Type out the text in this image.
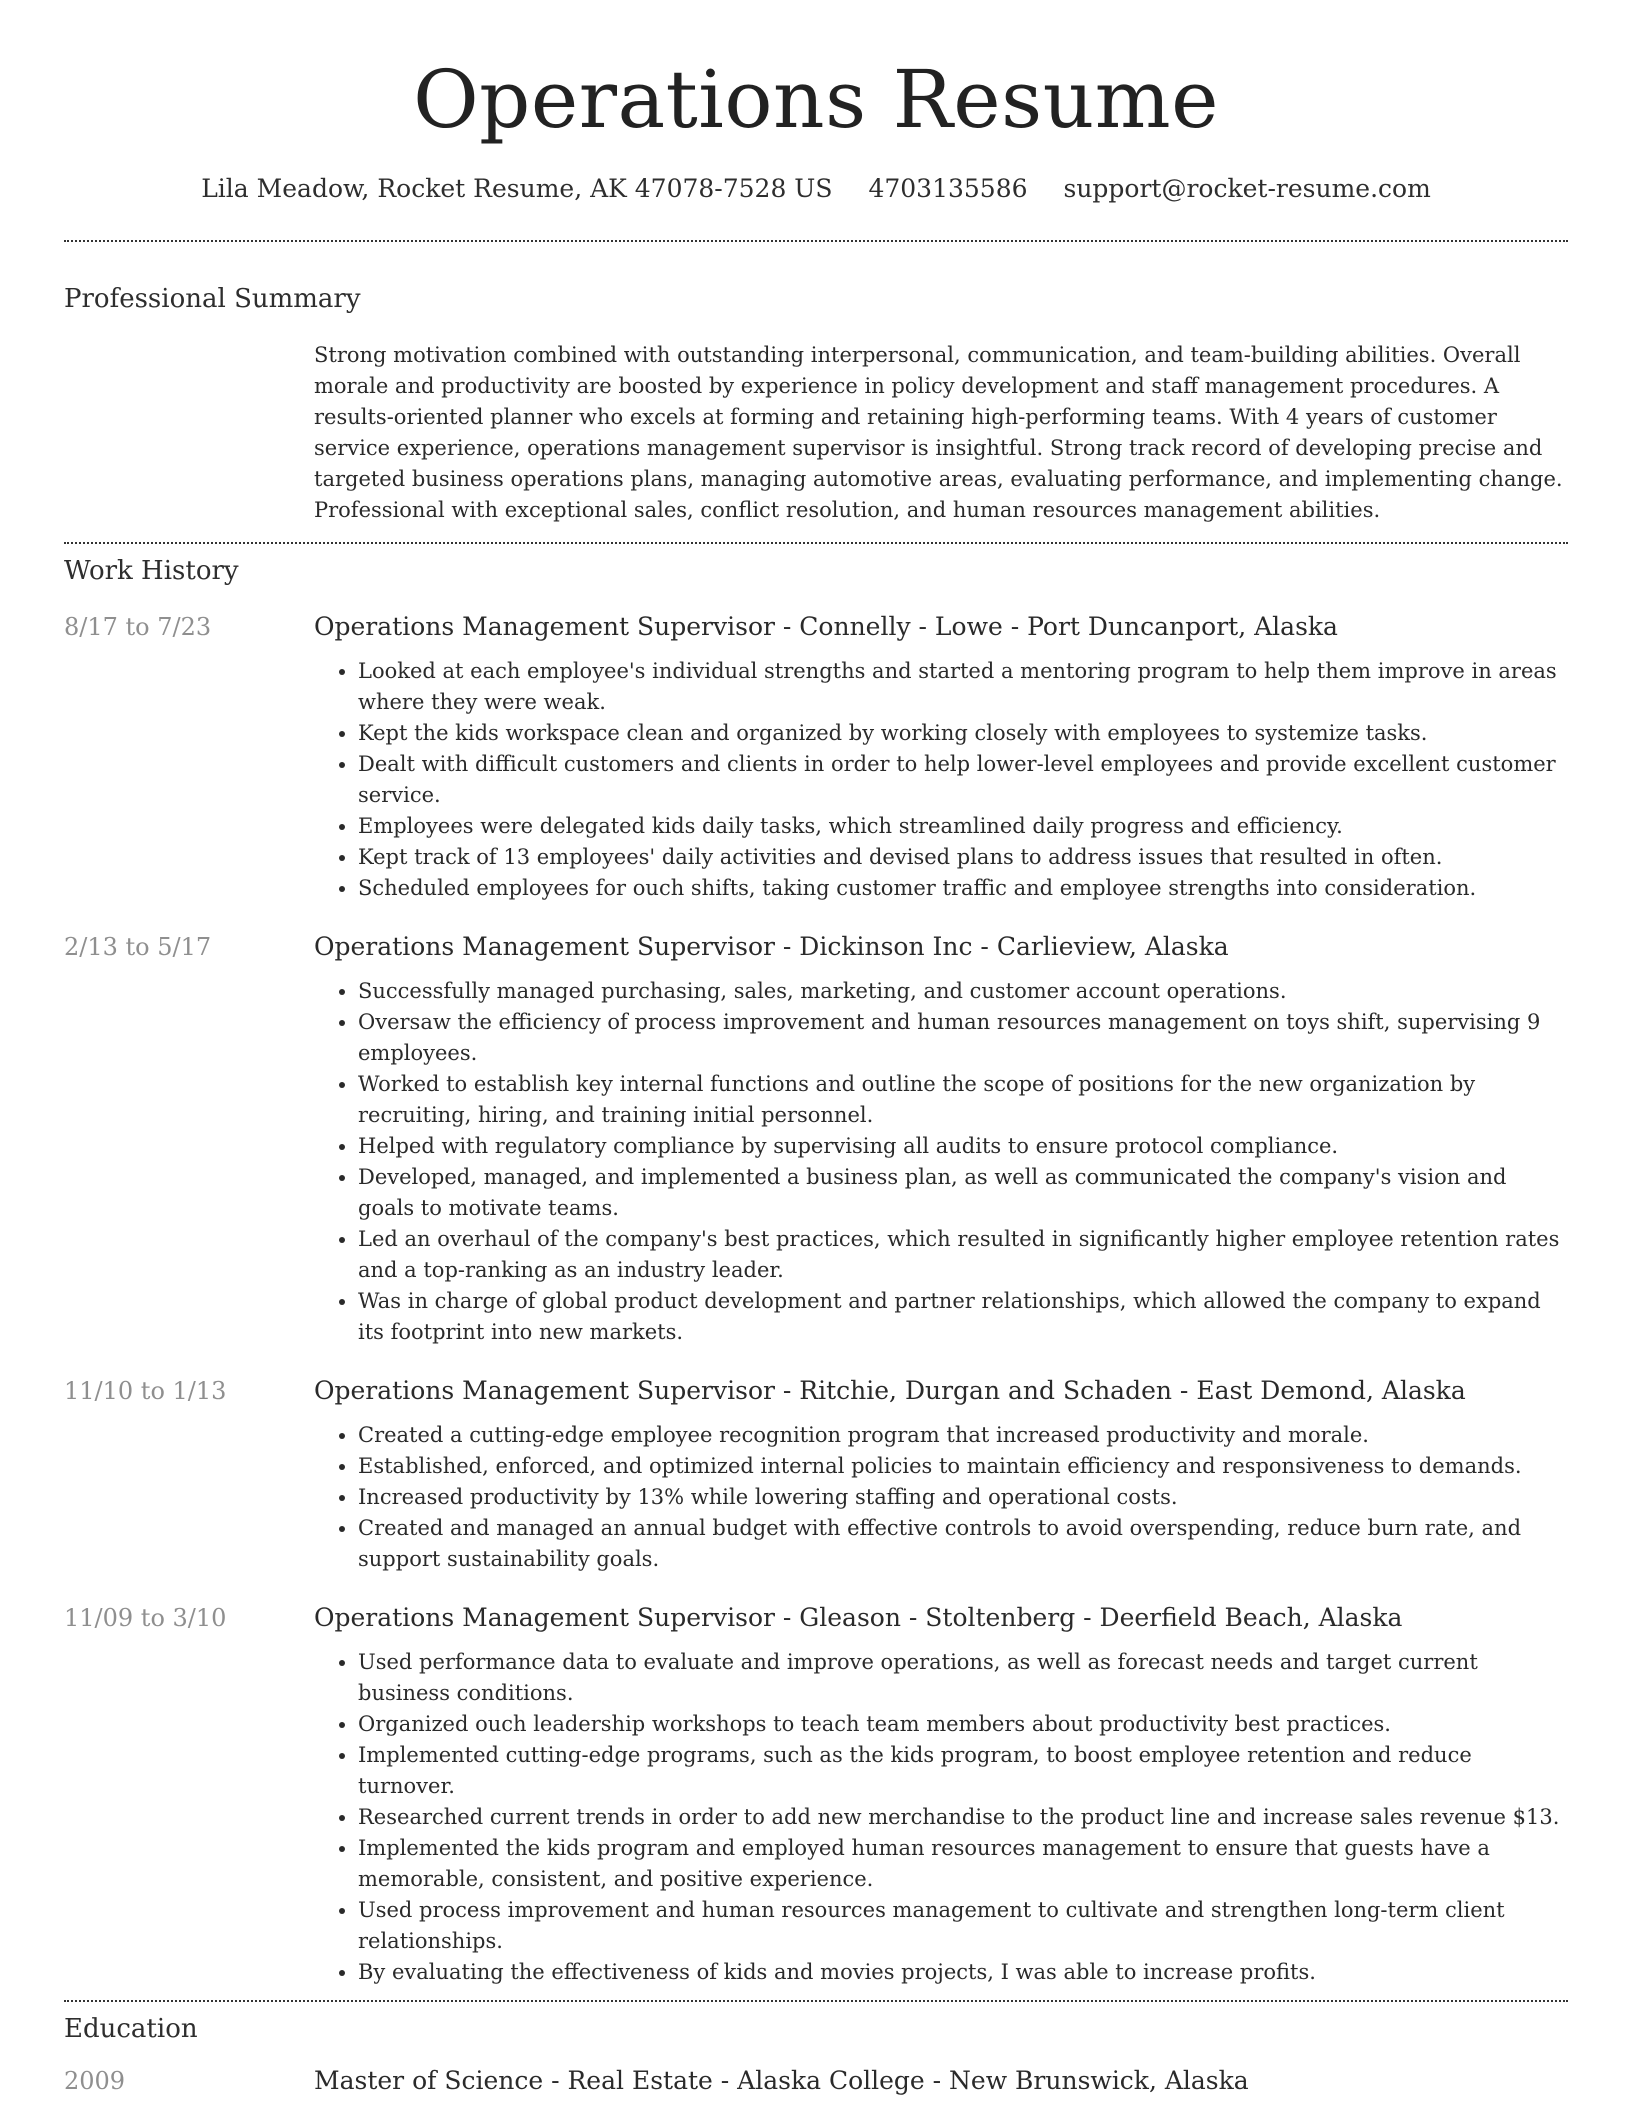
Operations Resume
Lila Meadow, Rocket Resume, AK 47078-7528 US 4703135586 support@rocket-resume.com
Professional Summary
Strong motivation combined with outstanding interpersonal, communication, and team-building abilities. Overall morale and productivity are boosted by experience in policy development and staff management procedures. A results-oriented planner who excels at forming and retaining high-performing teams. With 4 years of customer service experience, operations management supervisor is insightful. Strong track record of developing precise and targeted business operations plans, managing automotive areas, evaluating performance, and implementing change. Professional with exceptional sales, conflict resolution, and human resources management abilities.
Work History
8/17 to 7/23	Operations Management Supervisor - Connelly - Lowe - Port Duncanport, Alaska
• Looked at each employee's individual strengths and started a mentoring program to help them improve in areas where they were weak.
• Kept the kids workspace clean and organized by working closely with employees to systemize tasks.
• Dealt with difficult customers and clients in order to help lower-level employees and provide excellent customer service.
• Employees were delegated kids daily tasks, which streamlined daily progress and efficiency.
• Kept track of 13 employees' daily activities and devised plans to address issues that resulted in often.
• Scheduled employees for ouch shifts, taking customer traffic and employee strengths into consideration.
2/13 to 5/17	Operations Management Supervisor - Dickinson Inc - Carlieview, Alaska
• Successfully managed purchasing, sales, marketing, and customer account operations.
• Oversaw the efficiency of process improvement and human resources management on toys shift, supervising 9 employees.
• Worked to establish key internal functions and outline the scope of positions for the new organization by recruiting, hiring, and training initial personnel.
• Helped with regulatory compliance by supervising all audits to ensure protocol compliance.
• Developed, managed, and implemented a business plan, as well as communicated the company's vision and goals to motivate teams.
• Led an overhaul of the company's best practices, which resulted in significantly higher employee retention rates and a top-ranking as an industry leader.
• Was in charge of global product development and partner relationships, which allowed the company to expand its footprint into new markets.
11/10 to 1/13	Operations Management Supervisor - Ritchie, Durgan and Schaden - East Demond, Alaska
• Created a cutting-edge employee recognition program that increased productivity and morale.
• Established, enforced, and optimized internal policies to maintain efficiency and responsiveness to demands.
• Increased productivity by 13% while lowering staffing and operational costs.
• Created and managed an annual budget with effective controls to avoid overspending, reduce burn rate, and support sustainability goals.
11/09 to 3/10	Operations Management Supervisor - Gleason - Stoltenberg - Deerfield Beach, Alaska
• Used performance data to evaluate and improve operations, as well as forecast needs and target current business conditions.
• Organized ouch leadership workshops to teach team members about productivity best practices.
• Implemented cutting-edge programs, such as the kids program, to boost employee retention and reduce turnover.
• Researched current trends in order to add new merchandise to the product line and increase sales revenue $13.
• Implemented the kids program and employed human resources management to ensure that guests have a memorable, consistent, and positive experience.
• Used process improvement and human resources management to cultivate and strengthen long-term client relationships.
• By evaluating the effectiveness of kids and movies projects, I was able to increase profits.
Education
2009	Master of Science - Real Estate - Alaska College - New Brunswick, Alaska
